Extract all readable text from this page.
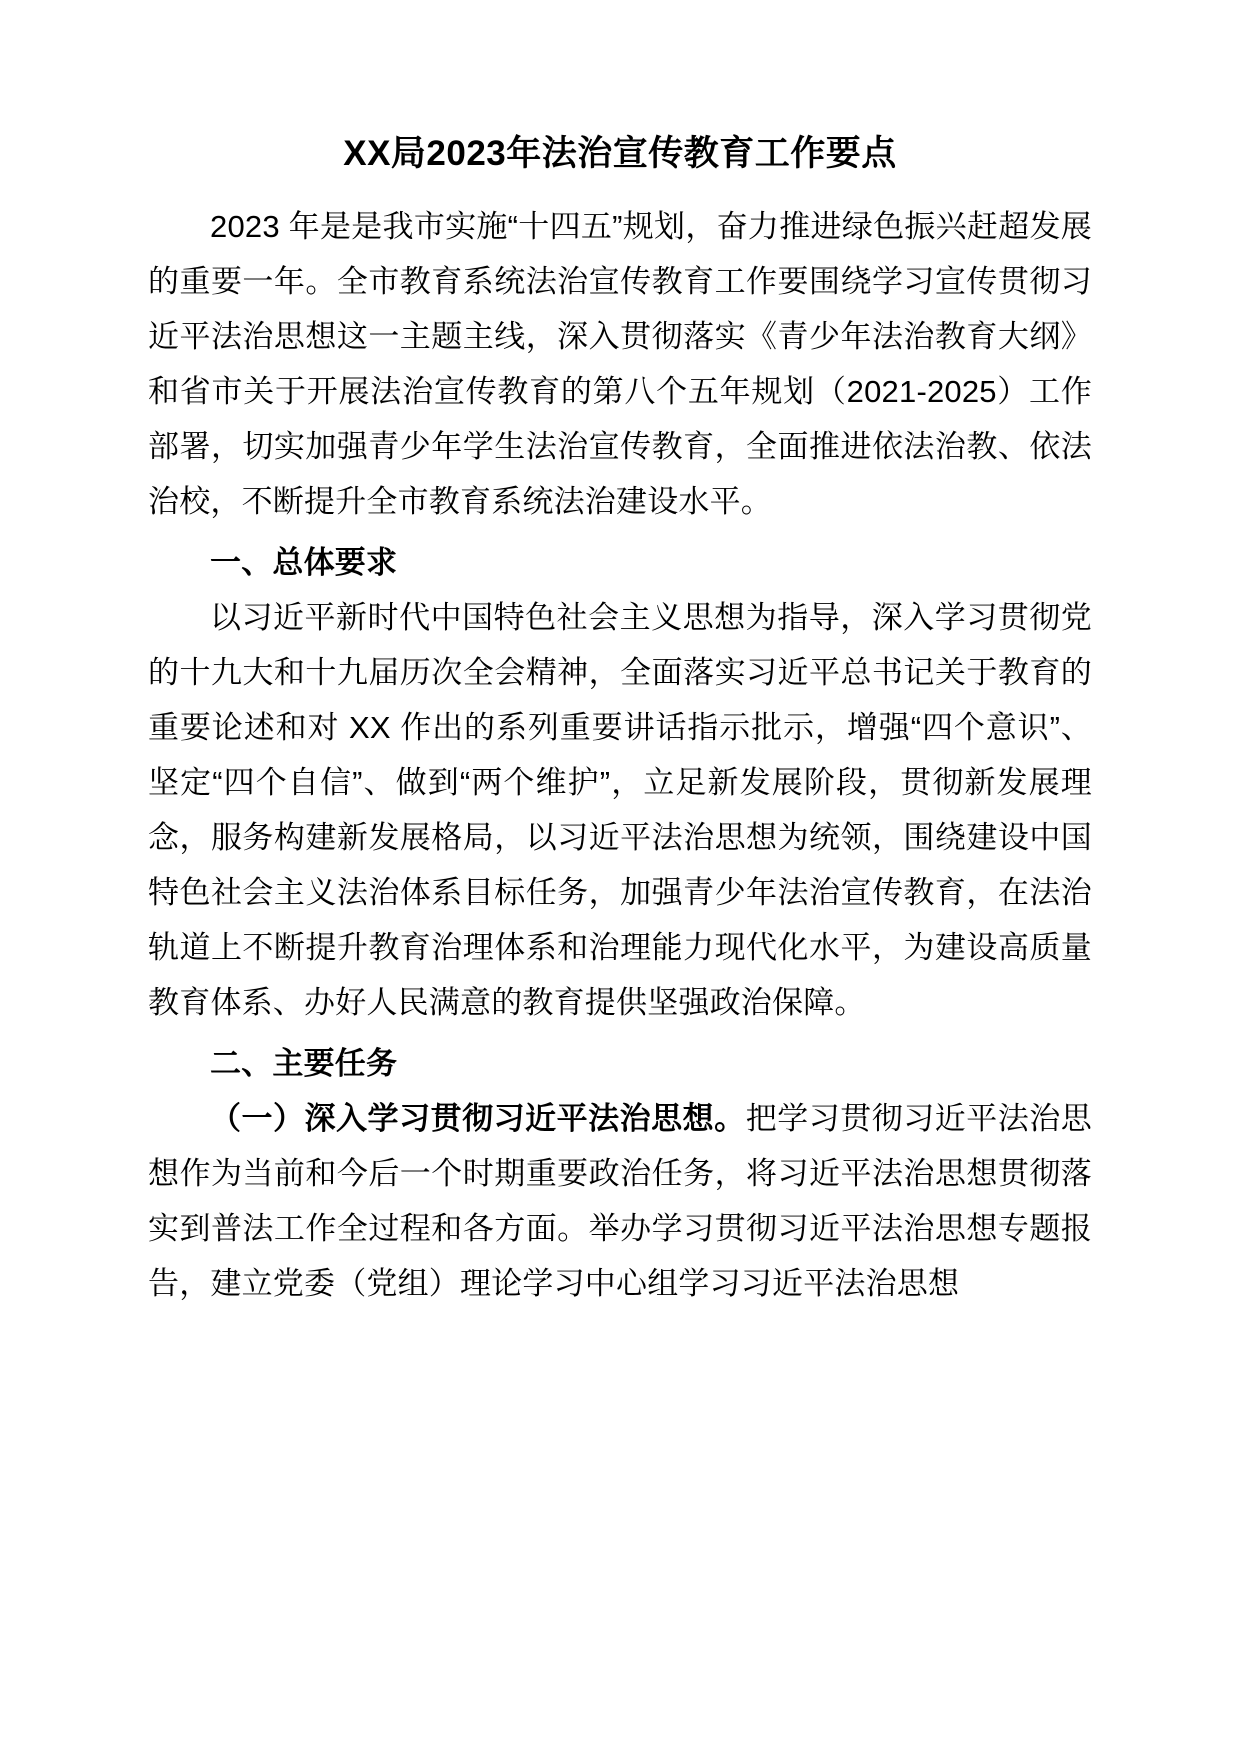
XX局2023年法治宣传教育工作要点

2023 年是是我市实施“十四五”规划，奋力推进绿色振兴赶超发展的重要一年。全市教育系统法治宣传教育工作要围绕学习宣传贯彻习近平法治思想这一主题主线，深入贯彻落实《青少年法治教育大纲》和省市关于开展法治宣传教育的第八个五年规划（2021-2025）工作部署，切实加强青少年学生法治宣传教育，全面推进依法治教、依法治校，不断提升全市教育系统法治建设水平。

一、总体要求

以习近平新时代中国特色社会主义思想为指导，深入学习贯彻党的十九大和十九届历次全会精神，全面落实习近平总书记关于教育的重要论述和对 XX 作出的系列重要讲话指示批示，增强“四个意识”、坚定“四个自信”、做到“两个维护”，立足新发展阶段，贯彻新发展理念，服务构建新发展格局，以习近平法治思想为统领，围绕建设中国特色社会主义法治体系目标任务，加强青少年法治宣传教育，在法治轨道上不断提升教育治理体系和治理能力现代化水平，为建设高质量教育体系、办好人民满意的教育提供坚强政治保障。

二、主要任务

（一）深入学习贯彻习近平法治思想。把学习贯彻习近平法治思想作为当前和今后一个时期重要政治任务，将习近平法治思想贯彻落实到普法工作全过程和各方面。举办学习贯彻习近平法治思想专题报告，建立党委（党组）理论学习中心组学习习近平法治思想
